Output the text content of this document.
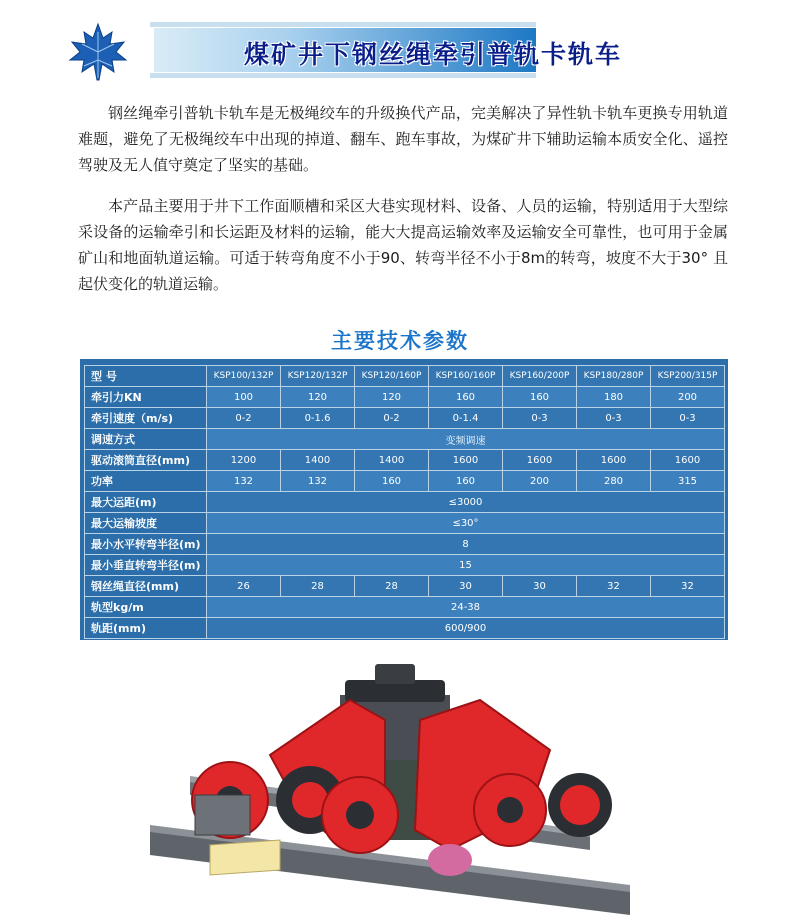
煤矿井下钢丝绳牵引普轨卡轨车

钢丝绳牵引普轨卡轨车是无极绳绞车的升级换代产品，完美解决了异性轨卡轨车更换专用轨道难题，避免了无极绳绞车中出现的掉道、翻车、跑车事故，为煤矿井下辅助运输本质安全化、遥控驾驶及无人值守奠定了坚实的基础。

本产品主要用于井下工作面顺槽和采区大巷实现材料、设备、人员的运输，特别适用于大型综采设备的运输牵引和长运距及材料的运输，能大大提高运输效率及运输安全可靠性，也可用于金属矿山和地面轨道运输。可适于转弯角度不小于90、转弯半径不小于8m的转弯，坡度不大于30° 且起伏变化的轨道运输。

主要技术参数
型 号	KSP100/132P	KSP120/132P	KSP120/160P	KSP160/160P	KSP160/200P	KSP180/280P	KSP200/315P
牵引力KN	100	120	120	160	160	180	200
牵引速度（m/s)	0-2	0-1.6	0-2	0-1.4	0-3	0-3	0-3
调速方式	变频调速						
驱动滚筒直径(mm)	1200	1400	1400	1600	1600	1600	1600
功率	132	132	160	160	200	280	315
最大运距(m)	≤3000						
最大运输坡度	≤30°						
最小水平转弯半径(m)	8						
最小垂直转弯半径(m)	15						
钢丝绳直径(mm)	26	28	28	30	30	32	32
轨型kg/m	24-38						
轨距(mm)	600/900						
